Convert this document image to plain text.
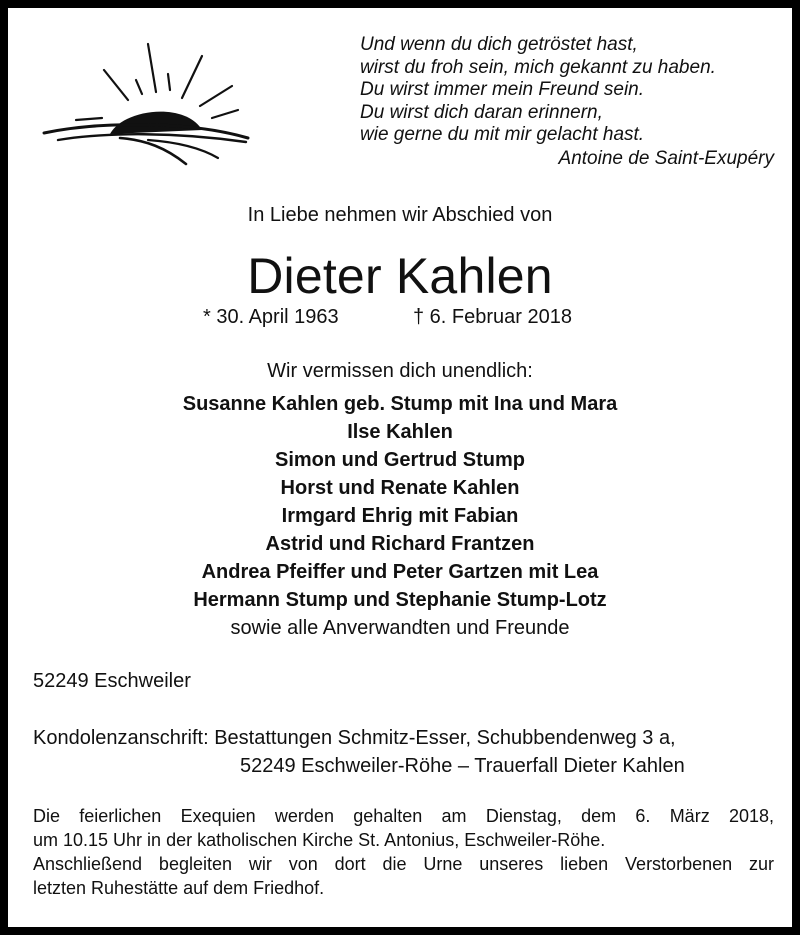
Und wenn du dich getröstet hast,
wirst du froh sein, mich gekannt zu haben.
Du wirst immer mein Freund sein.
Du wirst dich daran erinnern,
wie gerne du mit mir gelacht hast.
Antoine de Saint-Exupéry
In Liebe nehmen wir Abschied von
Dieter Kahlen
* 30. April 1963	† 6. Februar 2018
Wir vermissen dich unendlich:
Susanne Kahlen geb. Stump mit Ina und Mara
Ilse Kahlen
Simon und Gertrud Stump
Horst und Renate Kahlen
Irmgard Ehrig mit Fabian
Astrid und Richard Frantzen
Andrea Pfeiffer und Peter Gartzen mit Lea
Hermann Stump und Stephanie Stump-Lotz
sowie alle Anverwandten und Freunde
52249 Eschweiler
Kondolenzanschrift: Bestattungen Schmitz-Esser, Schubbendenweg 3 a,
52249 Eschweiler-Röhe – Trauerfall Dieter Kahlen
Die feierlichen Exequien werden gehalten am Dienstag, dem 6. März 2018,
um 10.15 Uhr in der katholischen Kirche St. Antonius, Eschweiler-Röhe.
Anschließend begleiten wir von dort die Urne unseres lieben Verstorbenen zur
letzten Ruhestätte auf dem Friedhof.
